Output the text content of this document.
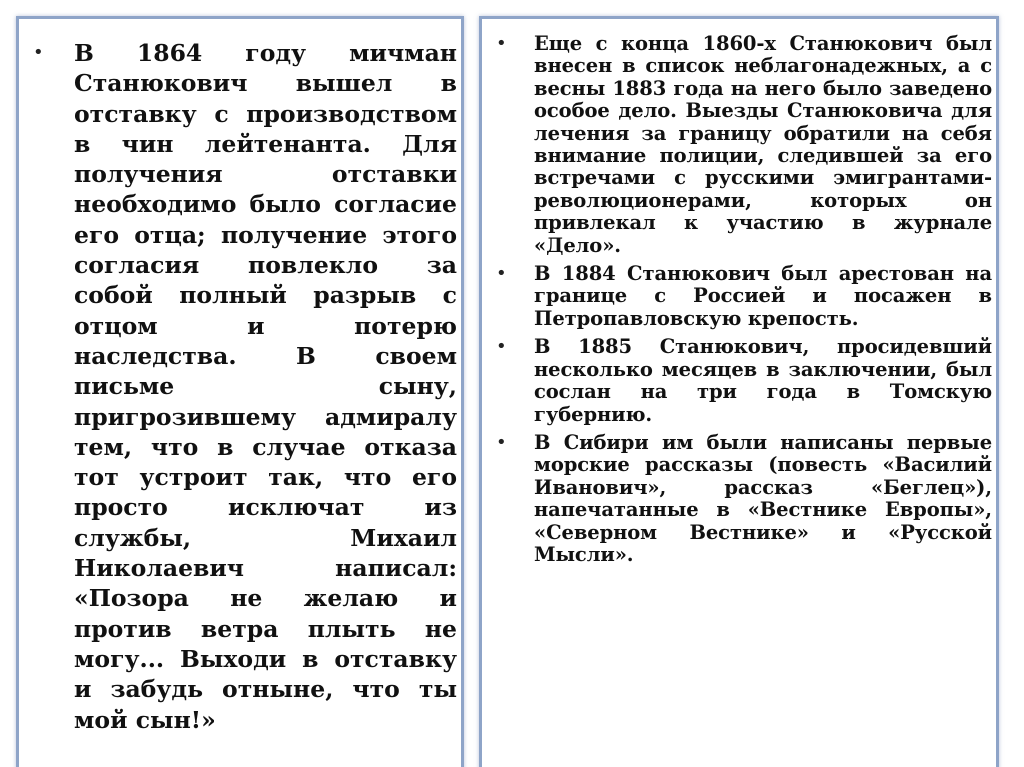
• В 1864 году мичман Станюкович вышел в отставку с производством в чин лейтенанта. Для получения отставки необходимо было согласие его отца; получение этого согласия повлекло за собой полный разрыв с отцом и потерю наследства. В своем письме сыну, пригрозившему адмиралу тем, что в случае отказа тот устроит так, что его просто исключат из службы, Михаил Николаевич написал: «Позора не желаю и против ветра плыть не могу... Выходи в отставку и забудь отныне, что ты мой сын!»
• Еще с конца 1860-х Станюкович был внесен в список неблагонадежных, а с весны 1883 года на него было заведено особое дело. Выезды Станюковича для лечения за границу обратили на себя внимание полиции, следившей за его встречами с русскими эмигрантами-революционерами, которых он привлекал к участию в журнале «Дело».
• В 1884 Станюкович был арестован на границе с Россией и посажен в Петропавловскую крепость.
• В 1885 Станюкович, просидевший несколько месяцев в заключении, был сослан на три года в Томскую губернию.
• В Сибири им были написаны первые морские рассказы (повесть «Василий Иванович», рассказ «Беглец»), напечатанные в «Вестнике Европы», «Северном Вестнике» и «Русской Мысли».
